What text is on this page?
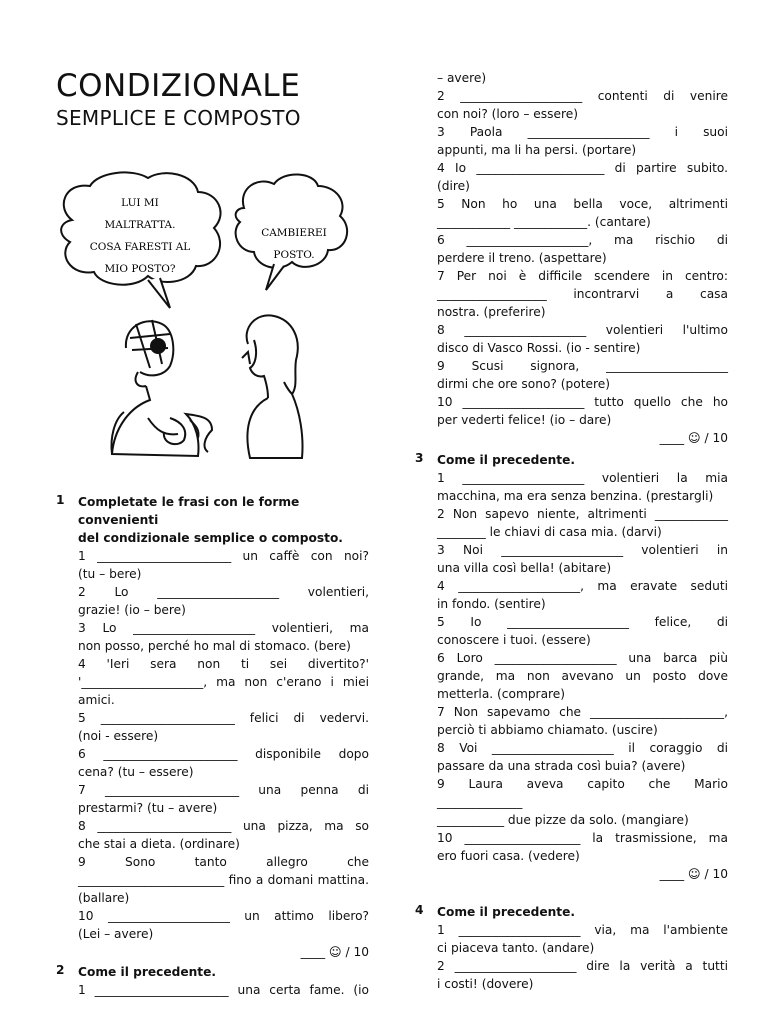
CONDIZIONALE
SEMPLICE E COMPOSTO
LUI MI
MALTRATTA.
COSA FARESTI AL
MIO POSTO?
CAMBIEREI
POSTO.
1 Completate le frasi con le forme convenienti
del condizionale semplice o composto.
1 ______________________ un caffè con noi?
(tu – bere)
2 Lo ____________________ volentieri,
grazie! (io – bere)
3 Lo ____________________ volentieri, ma
non posso, perché ho mal di stomaco. (bere)
4 'Ieri sera non ti sei divertito?'
'____________________, ma non c'erano i miei
amici.
5 ______________________ felici di vedervi.
(noi - essere)
6 ______________________ disponibile dopo
cena? (tu – essere)
7 ______________________ una penna di
prestarmi? (tu – avere)
8 ______________________ una pizza, ma so
che stai a dieta. (ordinare)
9 Sono tanto allegro che
________________________ fino a domani mattina.
(ballare)
10 ____________________ un attimo libero?
(Lei – avere)
____ ☺ / 10
2 Come il precedente.
1 ______________________ una certa fame. (io
– avere)
2 ____________________ contenti di venire
con noi? (loro – essere)
3 Paola ____________________ i suoi
appunti, ma li ha persi. (portare)
4 Io _____________________ di partire subito.
(dire)
5 Non ho una bella voce, altrimenti
____________ ____________. (cantare)
6 ____________________, ma rischio di
perdere il treno. (aspettare)
7 Per noi è difficile scendere in centro:
__________________ incontrarvi a casa
nostra. (preferire)
8 ____________________ volentieri l'ultimo
disco di Vasco Rossi. (io - sentire)
9 Scusi signora, ____________________
dirmi che ore sono? (potere)
10 ____________________ tutto quello che ho
per vederti felice! (io – dare)
____ ☺ / 10
3 Come il precedente.
1 ____________________ volentieri la mia
macchina, ma era senza benzina. (prestargli)
2 Non sapevo niente, altrimenti ____________
________ le chiavi di casa mia. (darvi)
3 Noi ____________________ volentieri in
una villa così bella! (abitare)
4 ____________________, ma eravate seduti
in fondo. (sentire)
5 Io ____________________ felice, di
conoscere i tuoi. (essere)
6 Loro ____________________ una barca più
grande, ma non avevano un posto dove
metterla. (comprare)
7 Non sapevamo che ______________________,
perciò ti abbiamo chiamato. (uscire)
8 Voi ____________________ il coraggio di
passare da una strada così buia? (avere)
9 Laura aveva capito che Mario
______________
___________ due pizze da solo. (mangiare)
10 ___________________ la trasmissione, ma
ero fuori casa. (vedere)
____ ☺ / 10
4 Come il precedente.
1 ____________________ via, ma l'ambiente
ci piaceva tanto. (andare)
2 ____________________ dire la verità a tutti
i costi! (dovere)
